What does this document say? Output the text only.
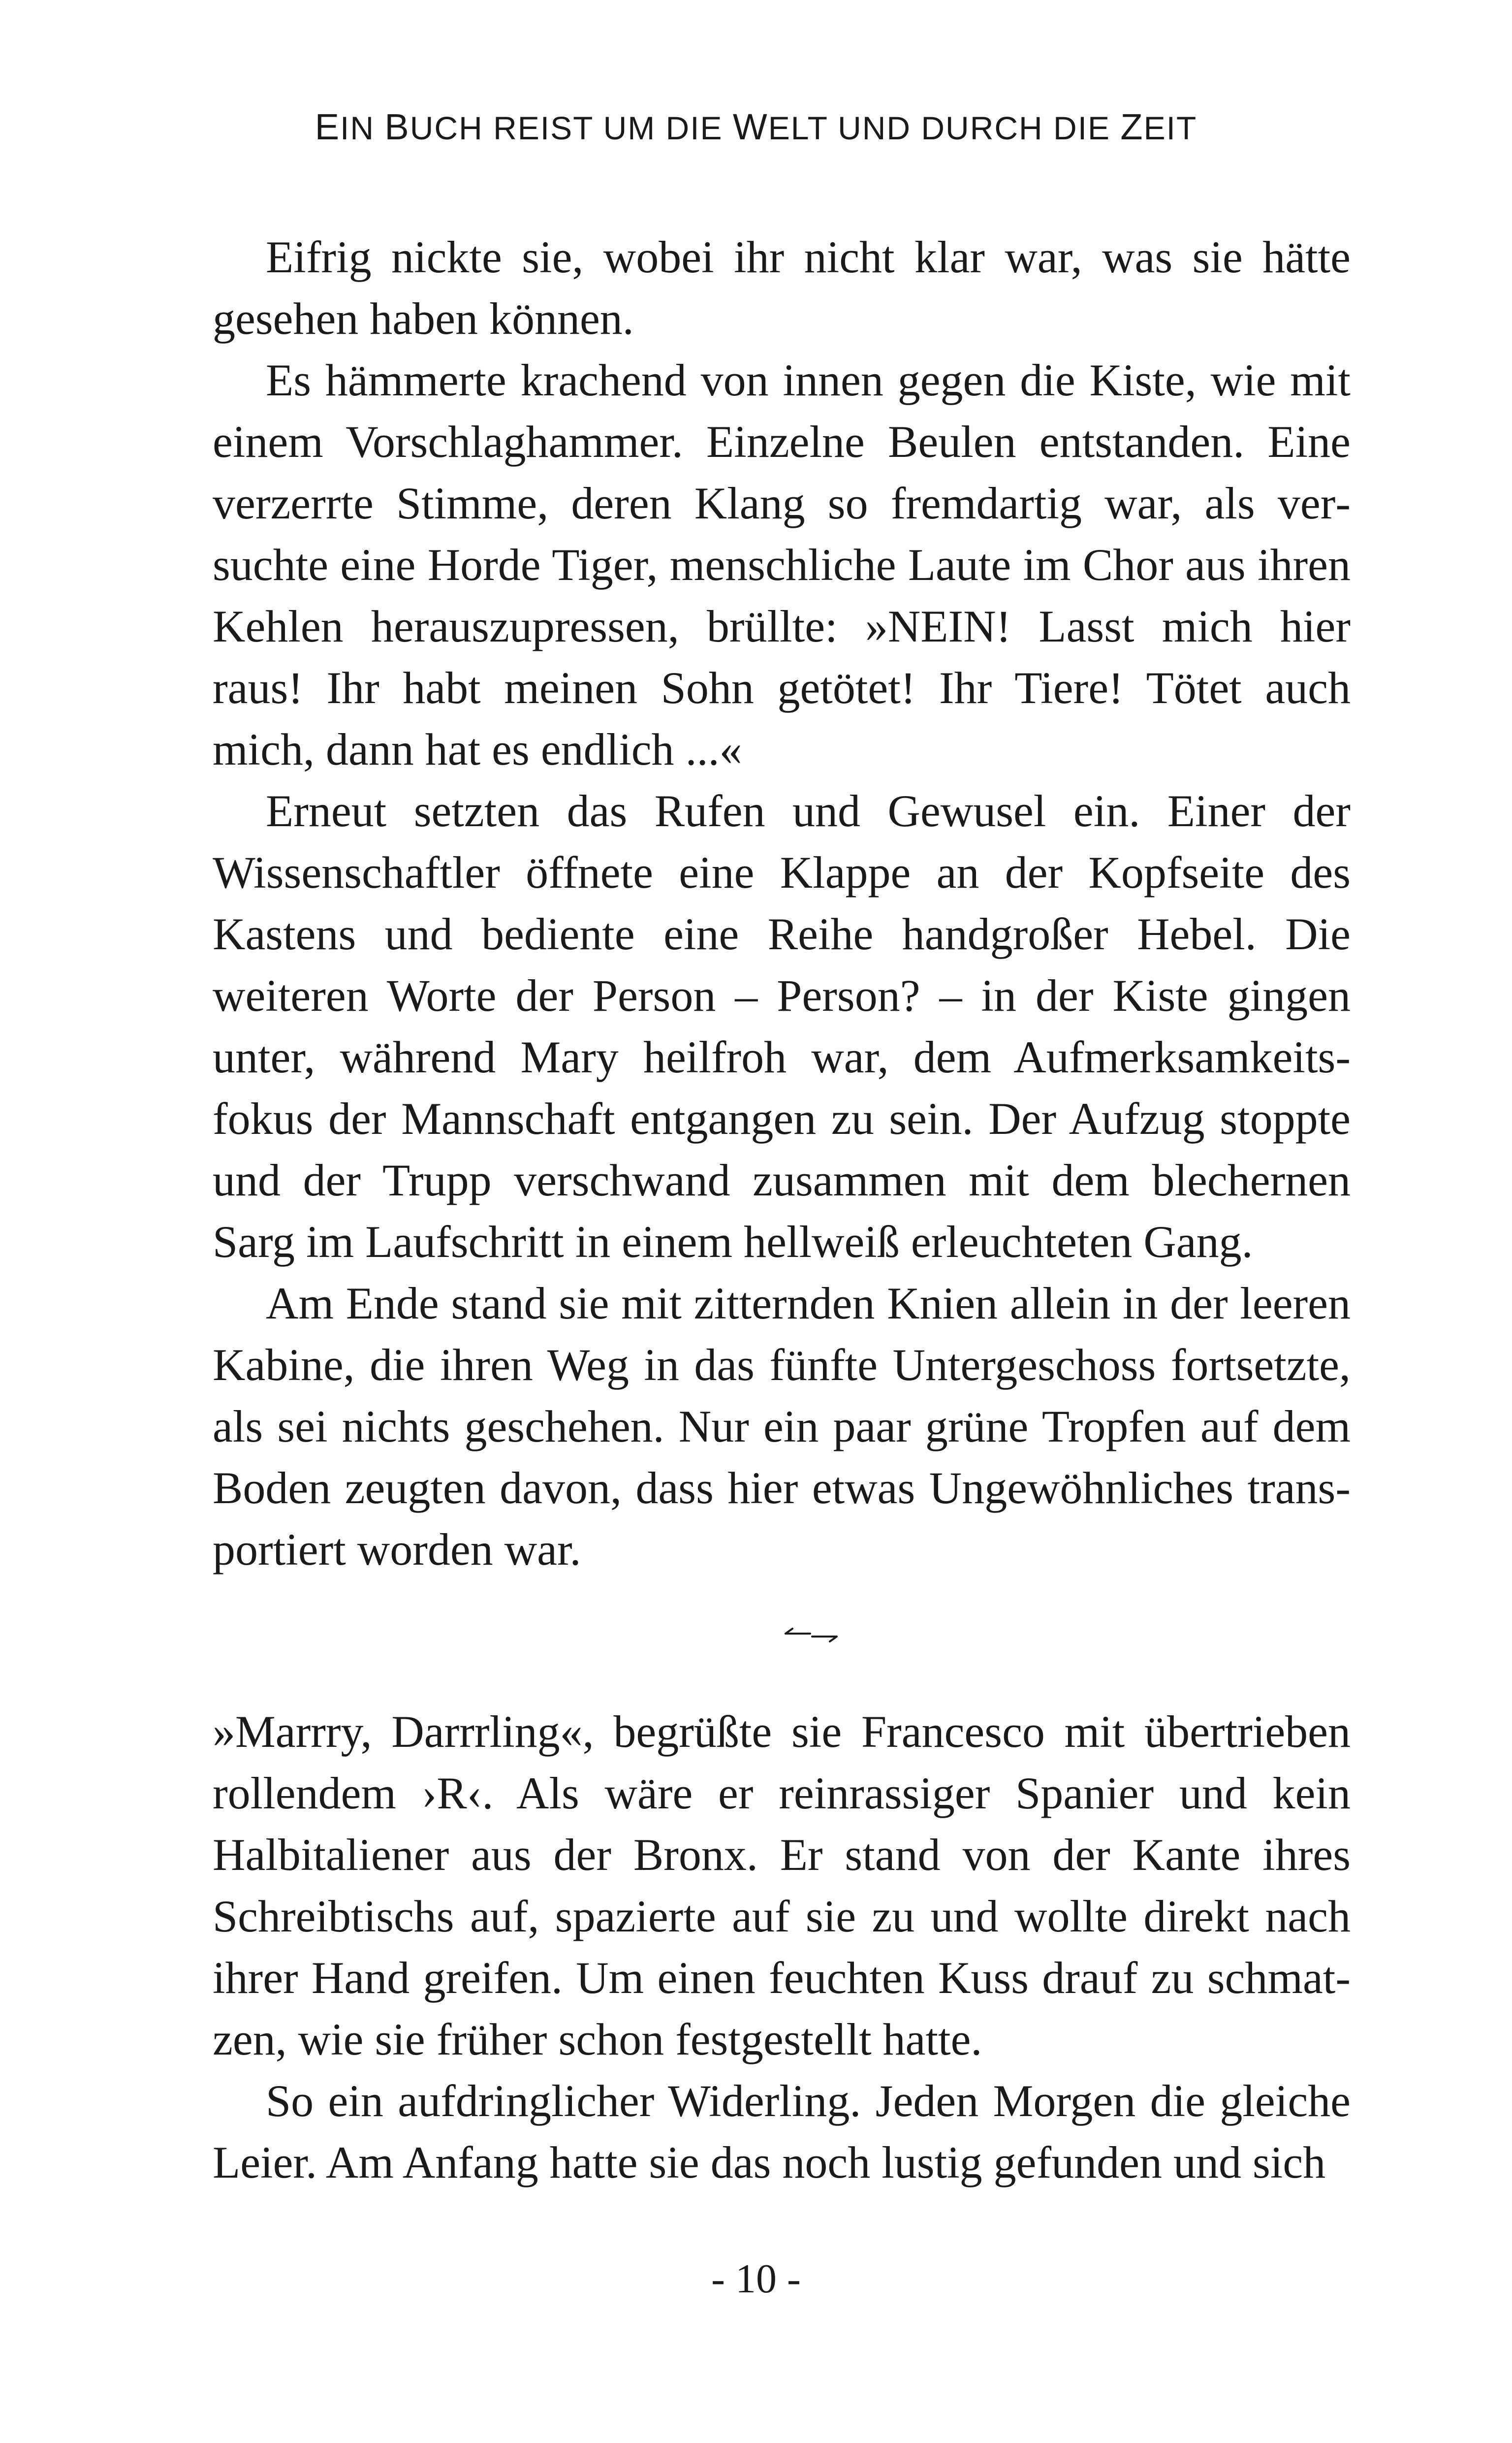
EIN BUCH REIST UM DIE WELT UND DURCH DIE ZEIT

Eifrig nickte sie, wobei ihr nicht klar war, was sie hätte gesehen haben können.

Es hämmerte krachend von innen gegen die Kiste, wie mit einem Vorschlaghammer. Einzelne Beulen entstanden. Eine verzerrte Stimme, deren Klang so fremdartig war, als versuchte eine Horde Tiger, menschliche Laute im Chor aus ihren Kehlen herauszupressen, brüllte: »NEIN! Lasst mich hier raus! Ihr habt meinen Sohn getötet! Ihr Tiere! Tötet auch mich, dann hat es endlich ...«

Erneut setzten das Rufen und Gewusel ein. Einer der Wissenschaftler öffnete eine Klappe an der Kopfseite des Kastens und bediente eine Reihe handgroßer Hebel. Die weiteren Worte der Person – Person? – in der Kiste gingen unter, während Mary heilfroh war, dem Aufmerksamkeitsfokus der Mannschaft entgangen zu sein. Der Aufzug stoppte und der Trupp verschwand zusammen mit dem blechernen Sarg im Laufschritt in einem hellweiß erleuchteten Gang.

Am Ende stand sie mit zitternden Knien allein in der leeren Kabine, die ihren Weg in das fünfte Untergeschoss fortsetzte, als sei nichts geschehen. Nur ein paar grüne Tropfen auf dem Boden zeugten davon, dass hier etwas Ungewöhnliches transportiert worden war.

»Marrry, Darrrling«, begrüßte sie Francesco mit übertrieben rollendem ›R‹. Als wäre er reinrassiger Spanier und kein Halbitaliener aus der Bronx. Er stand von der Kante ihres Schreibtischs auf, spazierte auf sie zu und wollte direkt nach ihrer Hand greifen. Um einen feuchten Kuss drauf zu schmatzen, wie sie früher schon festgestellt hatte.

So ein aufdringlicher Widerling. Jeden Morgen die gleiche Leier. Am Anfang hatte sie das noch lustig gefunden und sich

- 10 -
